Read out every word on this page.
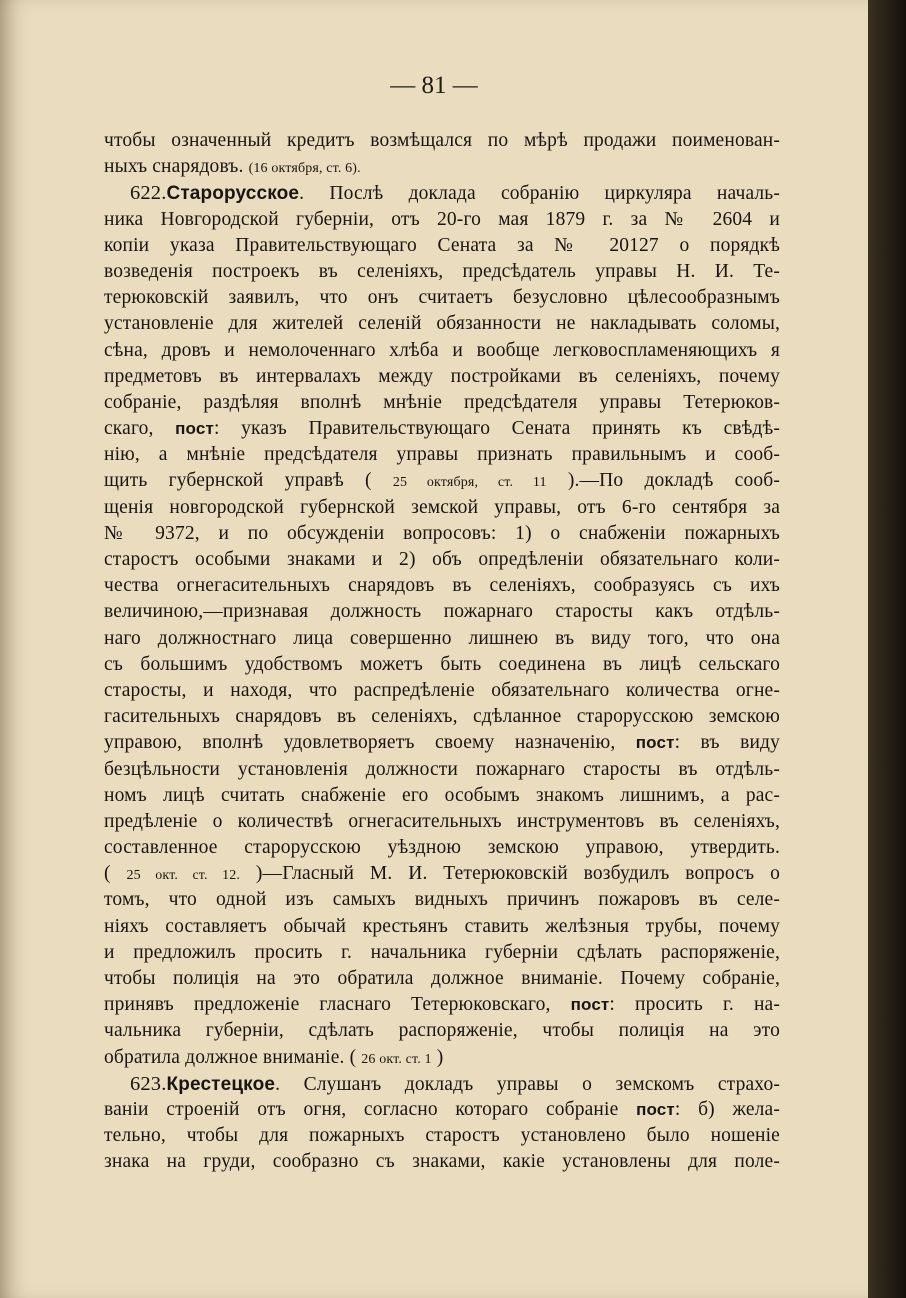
— 81 —
чтобы означенный кредитъ возмѣщался по мѣрѣ продажи поименован-
ныхъ снарядовъ. (16 октября, ст. 6).
622.Старорусское. Послѣ доклада собранію циркуляра началь-
ника Новгородской губерніи, отъ 20-го мая 1879 г. за № 2604 и
копіи указа Правительствующаго Сената за № 20127 о порядкѣ
возведенія построекъ въ селеніяхъ, предсѣдатель управы Н. И. Те-
терюковскій заявилъ, что онъ считаетъ безусловно цѣлесообразнымъ
установленіе для жителей селеній обязанности не накладывать соломы,
сѣна, дровъ и немолоченнаго хлѣба и вообще легковоспламеняющихъ я
предметовъ въ интервалахъ между постройками въ селеніяхъ, почему
собраніе, раздѣляя вполнѣ мнѣніе предсѣдателя управы Тетерюков-
скаго, пост: указъ Правительствующаго Сената принять къ свѣдѣ-
нію, а мнѣніе предсѣдателя управы признать правильнымъ и сооб-
щить губернской управѣ ( 25 октября, ст. 11 ).—По докладѣ сооб-
щенія новгородской губернской земской управы, отъ 6-го сентября за
№ 9372, и по обсужденіи вопросовъ: 1) о снабженіи пожарныхъ
старостъ особыми знаками и 2) объ опредѣленіи обязательнаго коли-
чества огнегасительныхъ снарядовъ въ селеніяхъ, сообразуясь съ ихъ
величиною,—признавая должность пожарнаго старосты какъ отдѣль-
наго должностнаго лица совершенно лишнею въ виду того, что она
съ большимъ удобствомъ можетъ быть соединена въ лицѣ сельскаго
старосты, и находя, что распредѣленіе обязательнаго количества огне-
гасительныхъ снарядовъ въ селеніяхъ, сдѣланное старорусскою земскою
управою, вполнѣ удовлетворяетъ своему назначенію, пост: въ виду
безцѣльности установленія должности пожарнаго старосты въ отдѣль-
номъ лицѣ считать снабженіе его особымъ знакомъ лишнимъ, а рас-
предѣленіе о количествѣ огнегасительныхъ инструментовъ въ селеніяхъ,
составленное старорусскою уѣздною земскою управою, утвердить.
( 25 окт. ст. 12. )—Гласный М. И. Тетерюковскій возбудилъ вопросъ о
томъ, что одной изъ самыхъ видныхъ причинъ пожаровъ въ селе-
ніяхъ составляетъ обычай крестьянъ ставить желѣзныя трубы, почему
и предложилъ просить г. начальника губерніи сдѣлать распоряженіе,
чтобы полиція на это обратила должное вниманіе. Почему собраніе,
принявъ предложеніе гласнаго Тетерюковскаго, пост: просить г. на-
чальника губерніи, сдѣлать распоряженіе, чтобы полиція на это
обратила должное вниманіе. ( 26 окт. ст. 1 )
623.Крестецкое. Слушанъ докладъ управы о земскомъ страхо-
ваніи строеній отъ огня, согласно котораго собраніе пост: б) жела-
тельно, чтобы для пожарныхъ старостъ установлено было ношеніе
знака на груди, сообразно съ знаками, какіе установлены для поле-
